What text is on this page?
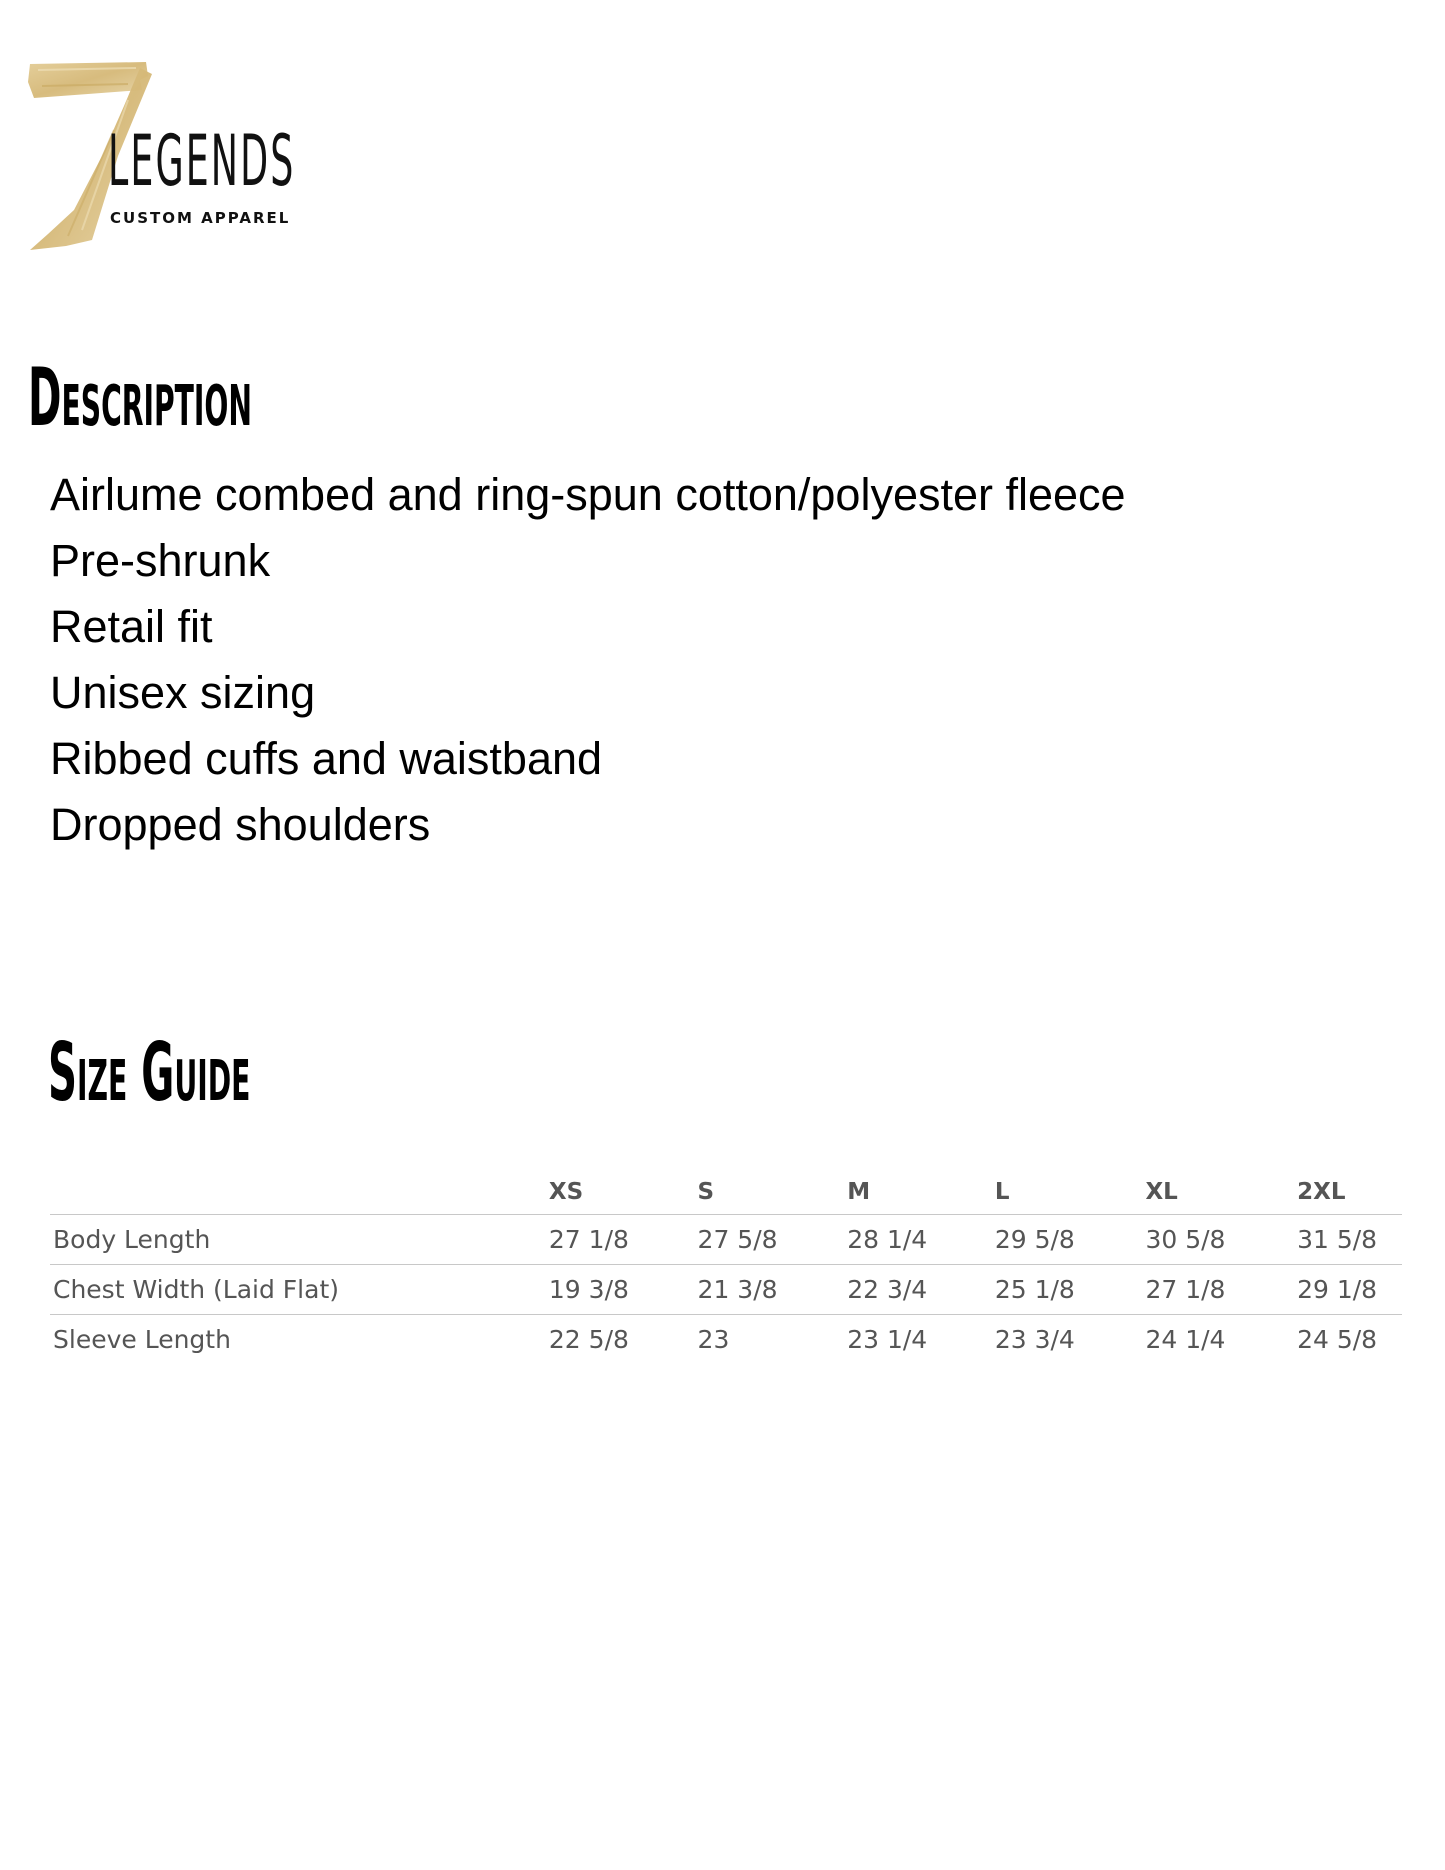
LEGENDS
CUSTOM APPAREL
Description
Airlume combed and ring-spun cotton/polyester fleece
Pre-shrunk
Retail fit
Unisex sizing
Ribbed cuffs and waistband
Dropped shoulders
Size Guide
	XS	S	M	L	XL	2XL
Body Length	27 1/8	27 5/8	28 1/4	29 5/8	30 5/8	31 5/8
Chest Width (Laid Flat)	19 3/8	21 3/8	22 3/4	25 1/8	27 1/8	29 1/8
Sleeve Length	22 5/8	23	23 1/4	23 3/4	24 1/4	24 5/8
